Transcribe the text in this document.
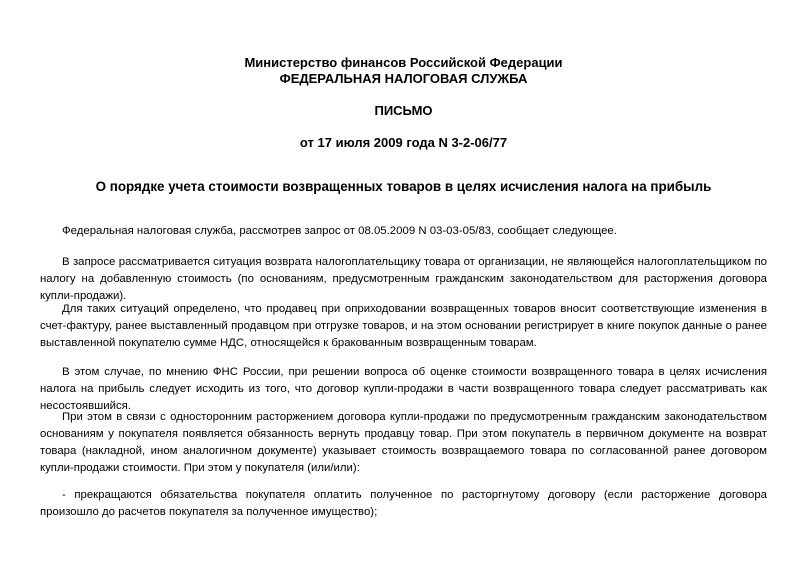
Министерство финансов Российской Федерации
ФЕДЕРАЛЬНАЯ НАЛОГОВАЯ СЛУЖБА
ПИСЬМО
от 17 июля 2009 года N 3-2-06/77
О порядке учета стоимости возвращенных товаров в целях исчисления налога на прибыль
Федеральная налоговая служба, рассмотрев запрос от 08.05.2009 N 03-03-05/83, сообщает следующее.
В запросе рассматривается ситуация возврата налогоплательщику товара от организации, не являющейся налогоплательщиком по налогу на добавленную стоимость (по основаниям, предусмотренным гражданским законодательством для расторжения договора купли-продажи).
Для таких ситуаций определено, что продавец при оприходовании возвращенных товаров вносит соответствующие изменения в счет-фактуру, ранее выставленный продавцом при отгрузке товаров, и на этом основании регистрирует в книге покупок данные о ранее выставленной покупателю сумме НДС, относящейся к бракованным возвращенным товарам.
В этом случае, по мнению ФНС России, при решении вопроса об оценке стоимости возвращенного товара в целях исчисления налога на прибыль следует исходить из того, что договор купли-продажи в части возвращенного товара следует рассматривать как несостоявшийся.
При этом в связи с односторонним расторжением договора купли-продажи по предусмотренным гражданским законодательством основаниям у покупателя появляется обязанность вернуть продавцу товар. При этом покупатель в первичном документе на возврат товара (накладной, ином аналогичном документе) указывает стоимость возвращаемого товара по согласованной ранее договором купли-продажи стоимости. При этом у покупателя (или/или):
- прекращаются обязательства покупателя оплатить полученное по расторгнутому договору (если расторжение договора произошло до расчетов покупателя за полученное имущество);
